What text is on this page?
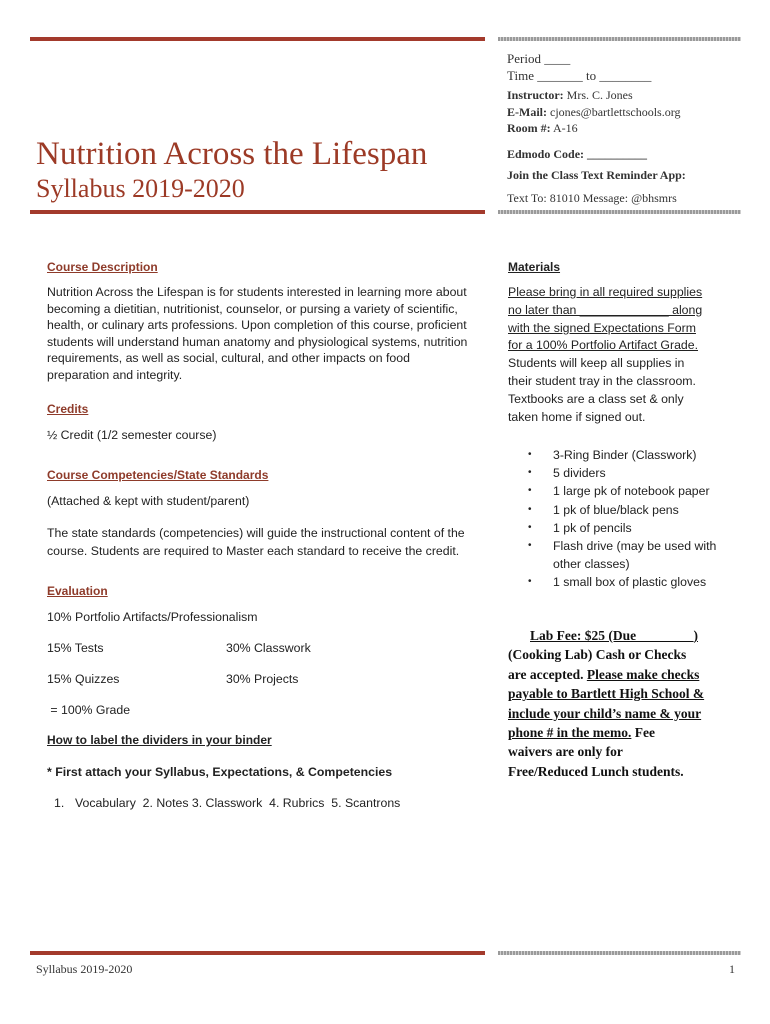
Nutrition Across the Lifespan
Syllabus 2019-2020
Period ____
Time _______ to ________
Instructor: Mrs. C. Jones
E-Mail: cjones@bartlettschools.org
Room #: A-16
Edmodo Code: __________
Join the Class Text Reminder App:
Text To: 81010 Message: @bhsmrs
Course Description
Nutrition Across the Lifespan is for students interested in learning more about
becoming a dietitian, nutritionist, counselor, or pursing a variety of scientific,
health, or culinary arts professions. Upon completion of this course, proficient
students will understand human anatomy and physiological systems, nutrition
requirements, as well as social, cultural, and other impacts on food
preparation and integrity.
Credits
½ Credit (1/2 semester course)
Course Competencies/State Standards
(Attached & kept with student/parent)
The state standards (competencies) will guide the instructional content of the
course. Students are required to Master each standard to receive the credit.
Evaluation
10% Portfolio Artifacts/Professionalism
15% Tests	30% Classwork
15% Quizzes	30% Projects
= 100% Grade
How to label the dividers in your binder
* First attach your Syllabus, Expectations, & Competencies
1. Vocabulary  2. Notes 3. Classwork  4. Rubrics  5. Scantrons
Materials
Please bring in all required supplies
no later than _____________ along
with the signed Expectations Form
for a 100% Portfolio Artifact Grade.
Students will keep all supplies in
their student tray in the classroom.
Textbooks are a class set & only
taken home if signed out.
• 3-Ring Binder (Classwork)
• 5 dividers
• 1 large pk of notebook paper
• 1 pk of blue/black pens
• 1 pk of pencils
• Flash drive (may be used with other classes)
• 1 small box of plastic gloves
Lab Fee: $25 (Due ________)
(Cooking Lab) Cash or Checks
are accepted. Please make checks
payable to Bartlett High School &
include your child’s name & your
phone # in the memo. Fee
waivers are only for
Free/Reduced Lunch students.
Syllabus 2019-2020	1
